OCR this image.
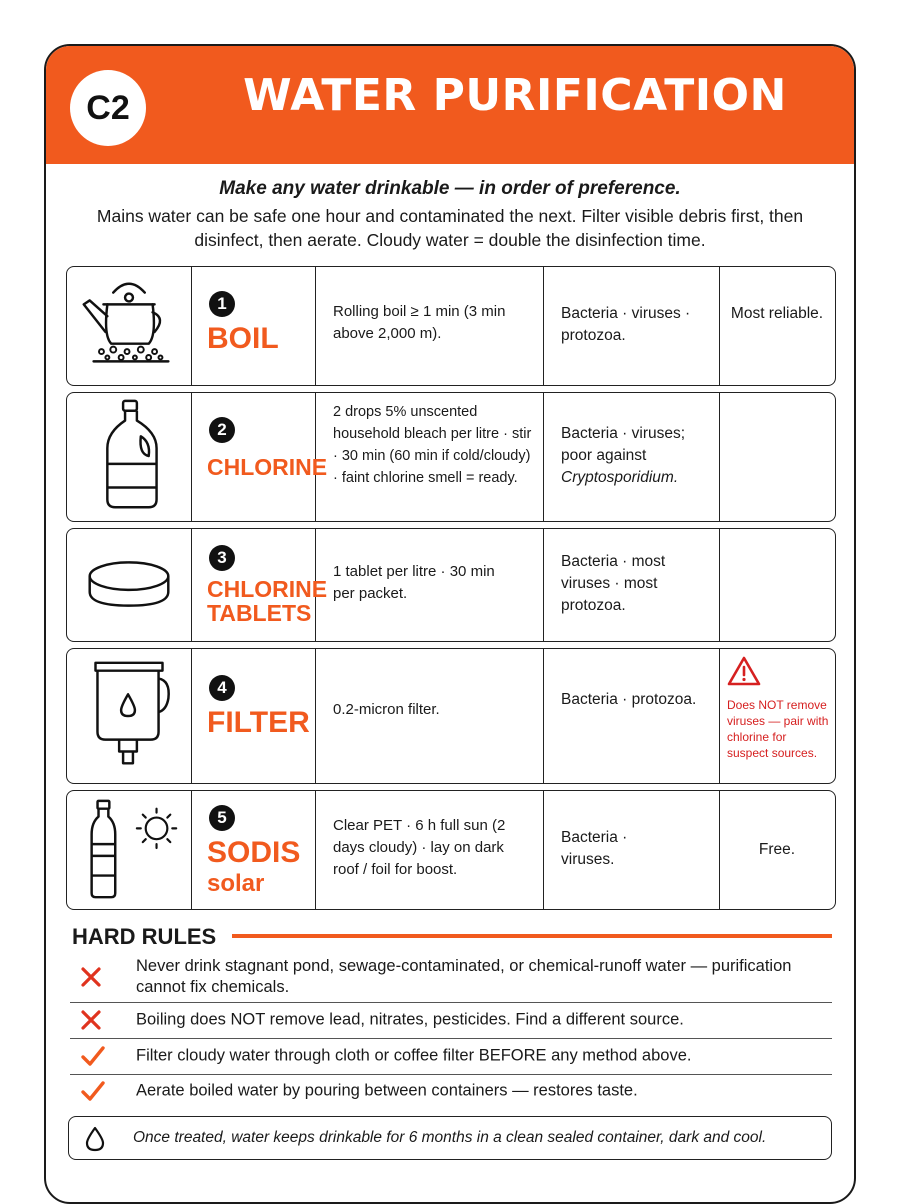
C2	WATER PURIFICATION
Make any water drinkable — in order of preference.
Mains water can be safe one hour and contaminated the next. Filter visible debris first, then disinfect, then aerate. Cloudy water = double the disinfection time.
1
BOIL
Rolling boil ≥ 1 min (3 min above 2,000 m).
Bacteria · viruses · protozoa.
Most reliable.
2
CHLORINE
2 drops 5% unscented household bleach per litre · stir · 30 min (60 min if cold/cloudy) · faint chlorine smell = ready.
Bacteria · viruses; poor against Cryptosporidium.
3
CHLORINE
TABLETS
1 tablet per litre · 30 min per packet.
Bacteria · most viruses · most protozoa.
4
FILTER 0.2-micron filter.
Bacteria · protozoa.	Does NOT remove viruses — pair with chlorine for suspect sources.
5
SODIS
solar
Clear PET · 6 h full sun (2 days cloudy) · lay on dark roof / foil for boost.
Bacteria · viruses.
Free.
HARD RULES
Never drink stagnant pond, sewage-contaminated, or chemical-runoff water — purification cannot fix chemicals.
Boiling does NOT remove lead, nitrates, pesticides. Find a different source.
Filter cloudy water through cloth or coffee filter BEFORE any method above.
Aerate boiled water by pouring between containers — restores taste.
Once treated, water keeps drinkable for 6 months in a clean sealed container, dark and cool.
